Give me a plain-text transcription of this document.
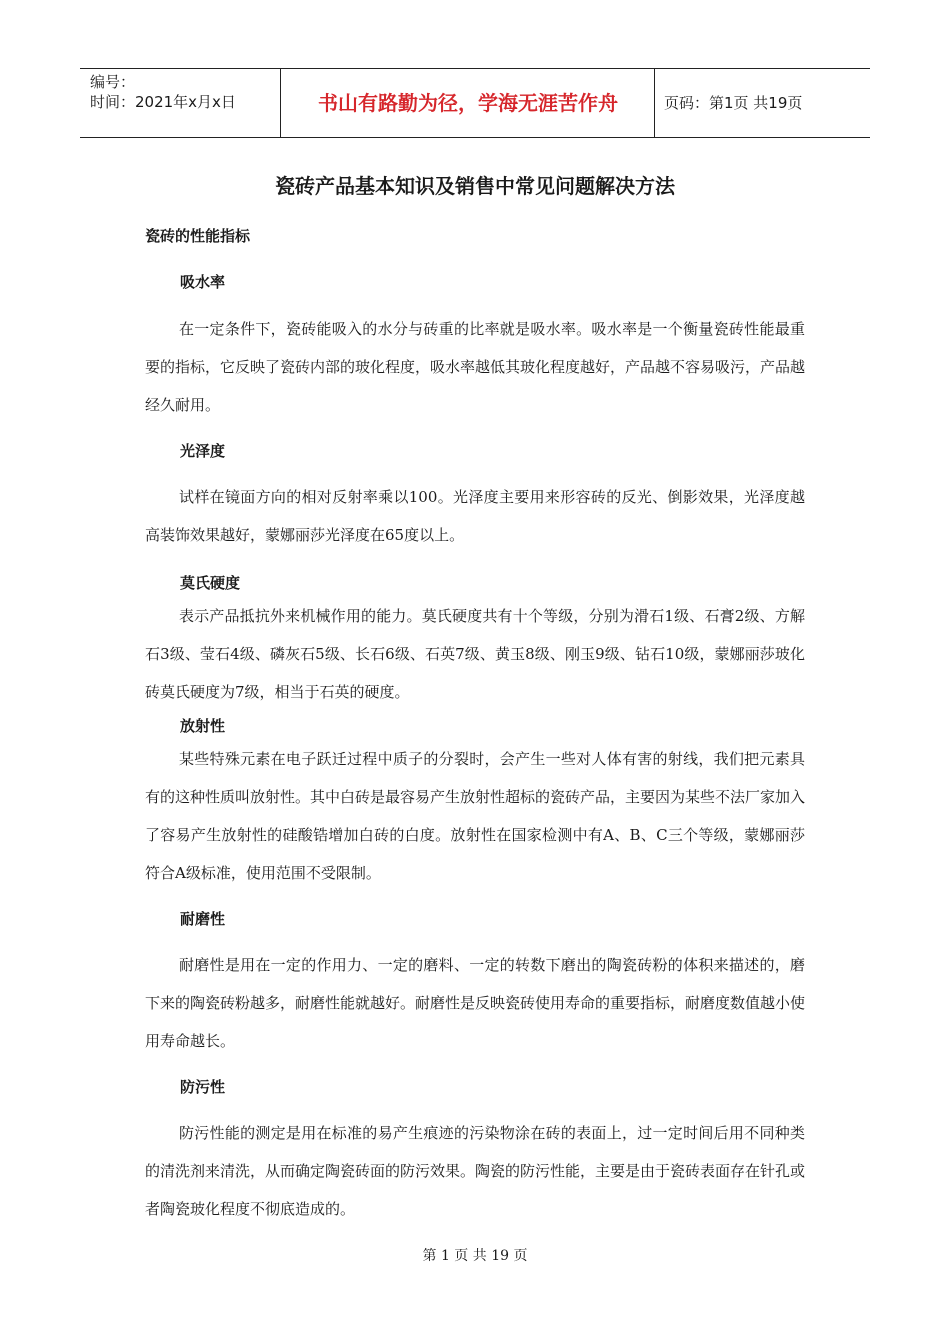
编号：
时间：2021年x月x日	书山有路勤为径，学海无涯苦作舟	页码：第1页 共19页
瓷砖产品基本知识及销售中常见问题解决方法
瓷砖的性能指标
吸水率

在一定条件下，瓷砖能吸入的水分与砖重的比率就是吸水率。吸水率是一个衡量瓷砖性能最重要的指标，它反映了瓷砖内部的玻化程度，吸水率越低其玻化程度越好，产品越不容易吸污，产品越经久耐用。

光泽度

试样在镜面方向的相对反射率乘以100。光泽度主要用来形容砖的反光、倒影效果，光泽度越高装饰效果越好，蒙娜丽莎光泽度在65度以上。

莫氏硬度

表示产品抵抗外来机械作用的能力。莫氏硬度共有十个等级，分别为滑石1级、石膏2级、方解石3级、莹石4级、磷灰石5级、长石6级、石英7级、黄玉8级、刚玉9级、钻石10级，蒙娜丽莎玻化砖莫氏硬度为7级，相当于石英的硬度。

放射性

某些特殊元素在电子跃迁过程中质子的分裂时，会产生一些对人体有害的射线，我们把元素具有的这种性质叫放射性。其中白砖是最容易产生放射性超标的瓷砖产品，主要因为某些不法厂家加入了容易产生放射性的硅酸锆增加白砖的白度。放射性在国家检测中有A、B、C三个等级，蒙娜丽莎符合A级标准，使用范围不受限制。

耐磨性

耐磨性是用在一定的作用力、一定的磨料、一定的转数下磨出的陶瓷砖粉的体积来描述的，磨下来的陶瓷砖粉越多，耐磨性能就越好。耐磨性是反映瓷砖使用寿命的重要指标，耐磨度数值越小使用寿命越长。

防污性

防污性能的测定是用在标准的易产生痕迹的污染物涂在砖的表面上，过一定时间后用不同种类的清洗剂来清洗，从而确定陶瓷砖面的防污效果。陶瓷的防污性能，主要是由于瓷砖表面存在针孔或者陶瓷玻化程度不彻底造成的。

第 1 页 共 19 页
